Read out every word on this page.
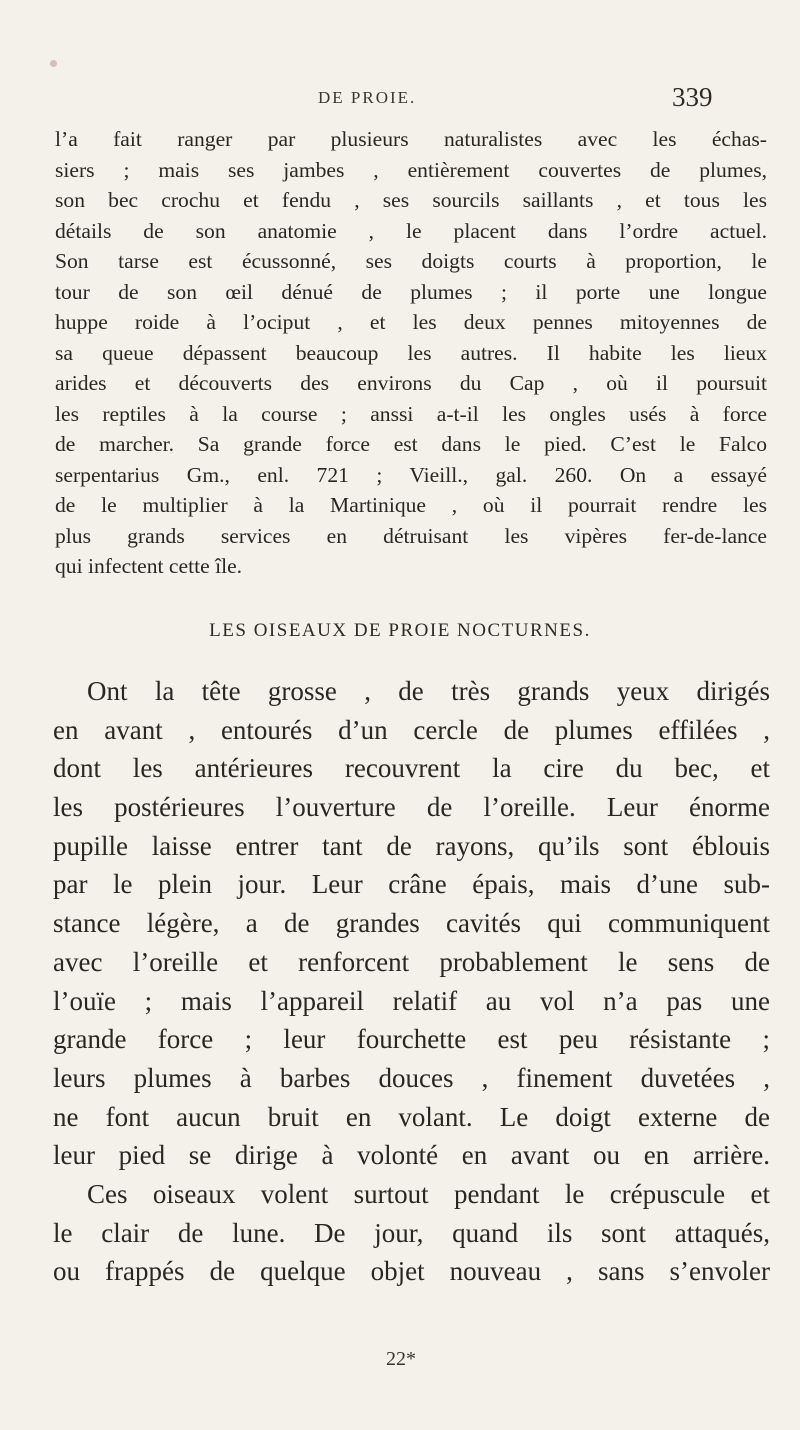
DE PROIE.	339
l’a fait ranger par plusieurs naturalistes avec les échas-
siers ; mais ses jambes , entièrement couvertes de plumes,
son bec crochu et fendu , ses sourcils saillants , et tous les
détails de son anatomie , le placent dans l’ordre actuel.
Son tarse est écussonné, ses doigts courts à proportion, le
tour de son œil dénué de plumes ; il porte une longue
huppe roide à l’ociput , et les deux pennes mitoyennes de
sa queue dépassent beaucoup les autres. Il habite les lieux
arides et découverts des environs du Cap , où il poursuit
les reptiles à la course ; anssi a-t-il les ongles usés à force
de marcher. Sa grande force est dans le pied. C’est le Falco
serpentarius Gm., enl. 721 ; Vieill., gal. 260. On a essayé
de le multiplier à la Martinique , où il pourrait rendre les
plus grands services en détruisant les vipères fer-de-lance
qui infectent cette île.
LES OISEAUX DE PROIE NOCTURNES.
Ont la tête grosse , de très grands yeux dirigés
en avant , entourés d’un cercle de plumes effilées ,
dont les antérieures recouvrent la cire du bec, et
les postérieures l’ouverture de l’oreille. Leur énorme
pupille laisse entrer tant de rayons, qu’ils sont éblouis
par le plein jour. Leur crâne épais, mais d’une sub-
stance légère, a de grandes cavités qui communiquent
avec l’oreille et renforcent probablement le sens de
l’ouïe ; mais l’appareil relatif au vol n’a pas une
grande force ; leur fourchette est peu résistante ;
leurs plumes à barbes douces , finement duvetées ,
ne font aucun bruit en volant. Le doigt externe de
leur pied se dirige à volonté en avant ou en arrière.
Ces oiseaux volent surtout pendant le crépuscule et
le clair de lune. De jour, quand ils sont attaqués,
ou frappés de quelque objet nouveau , sans s’envoler
22*
